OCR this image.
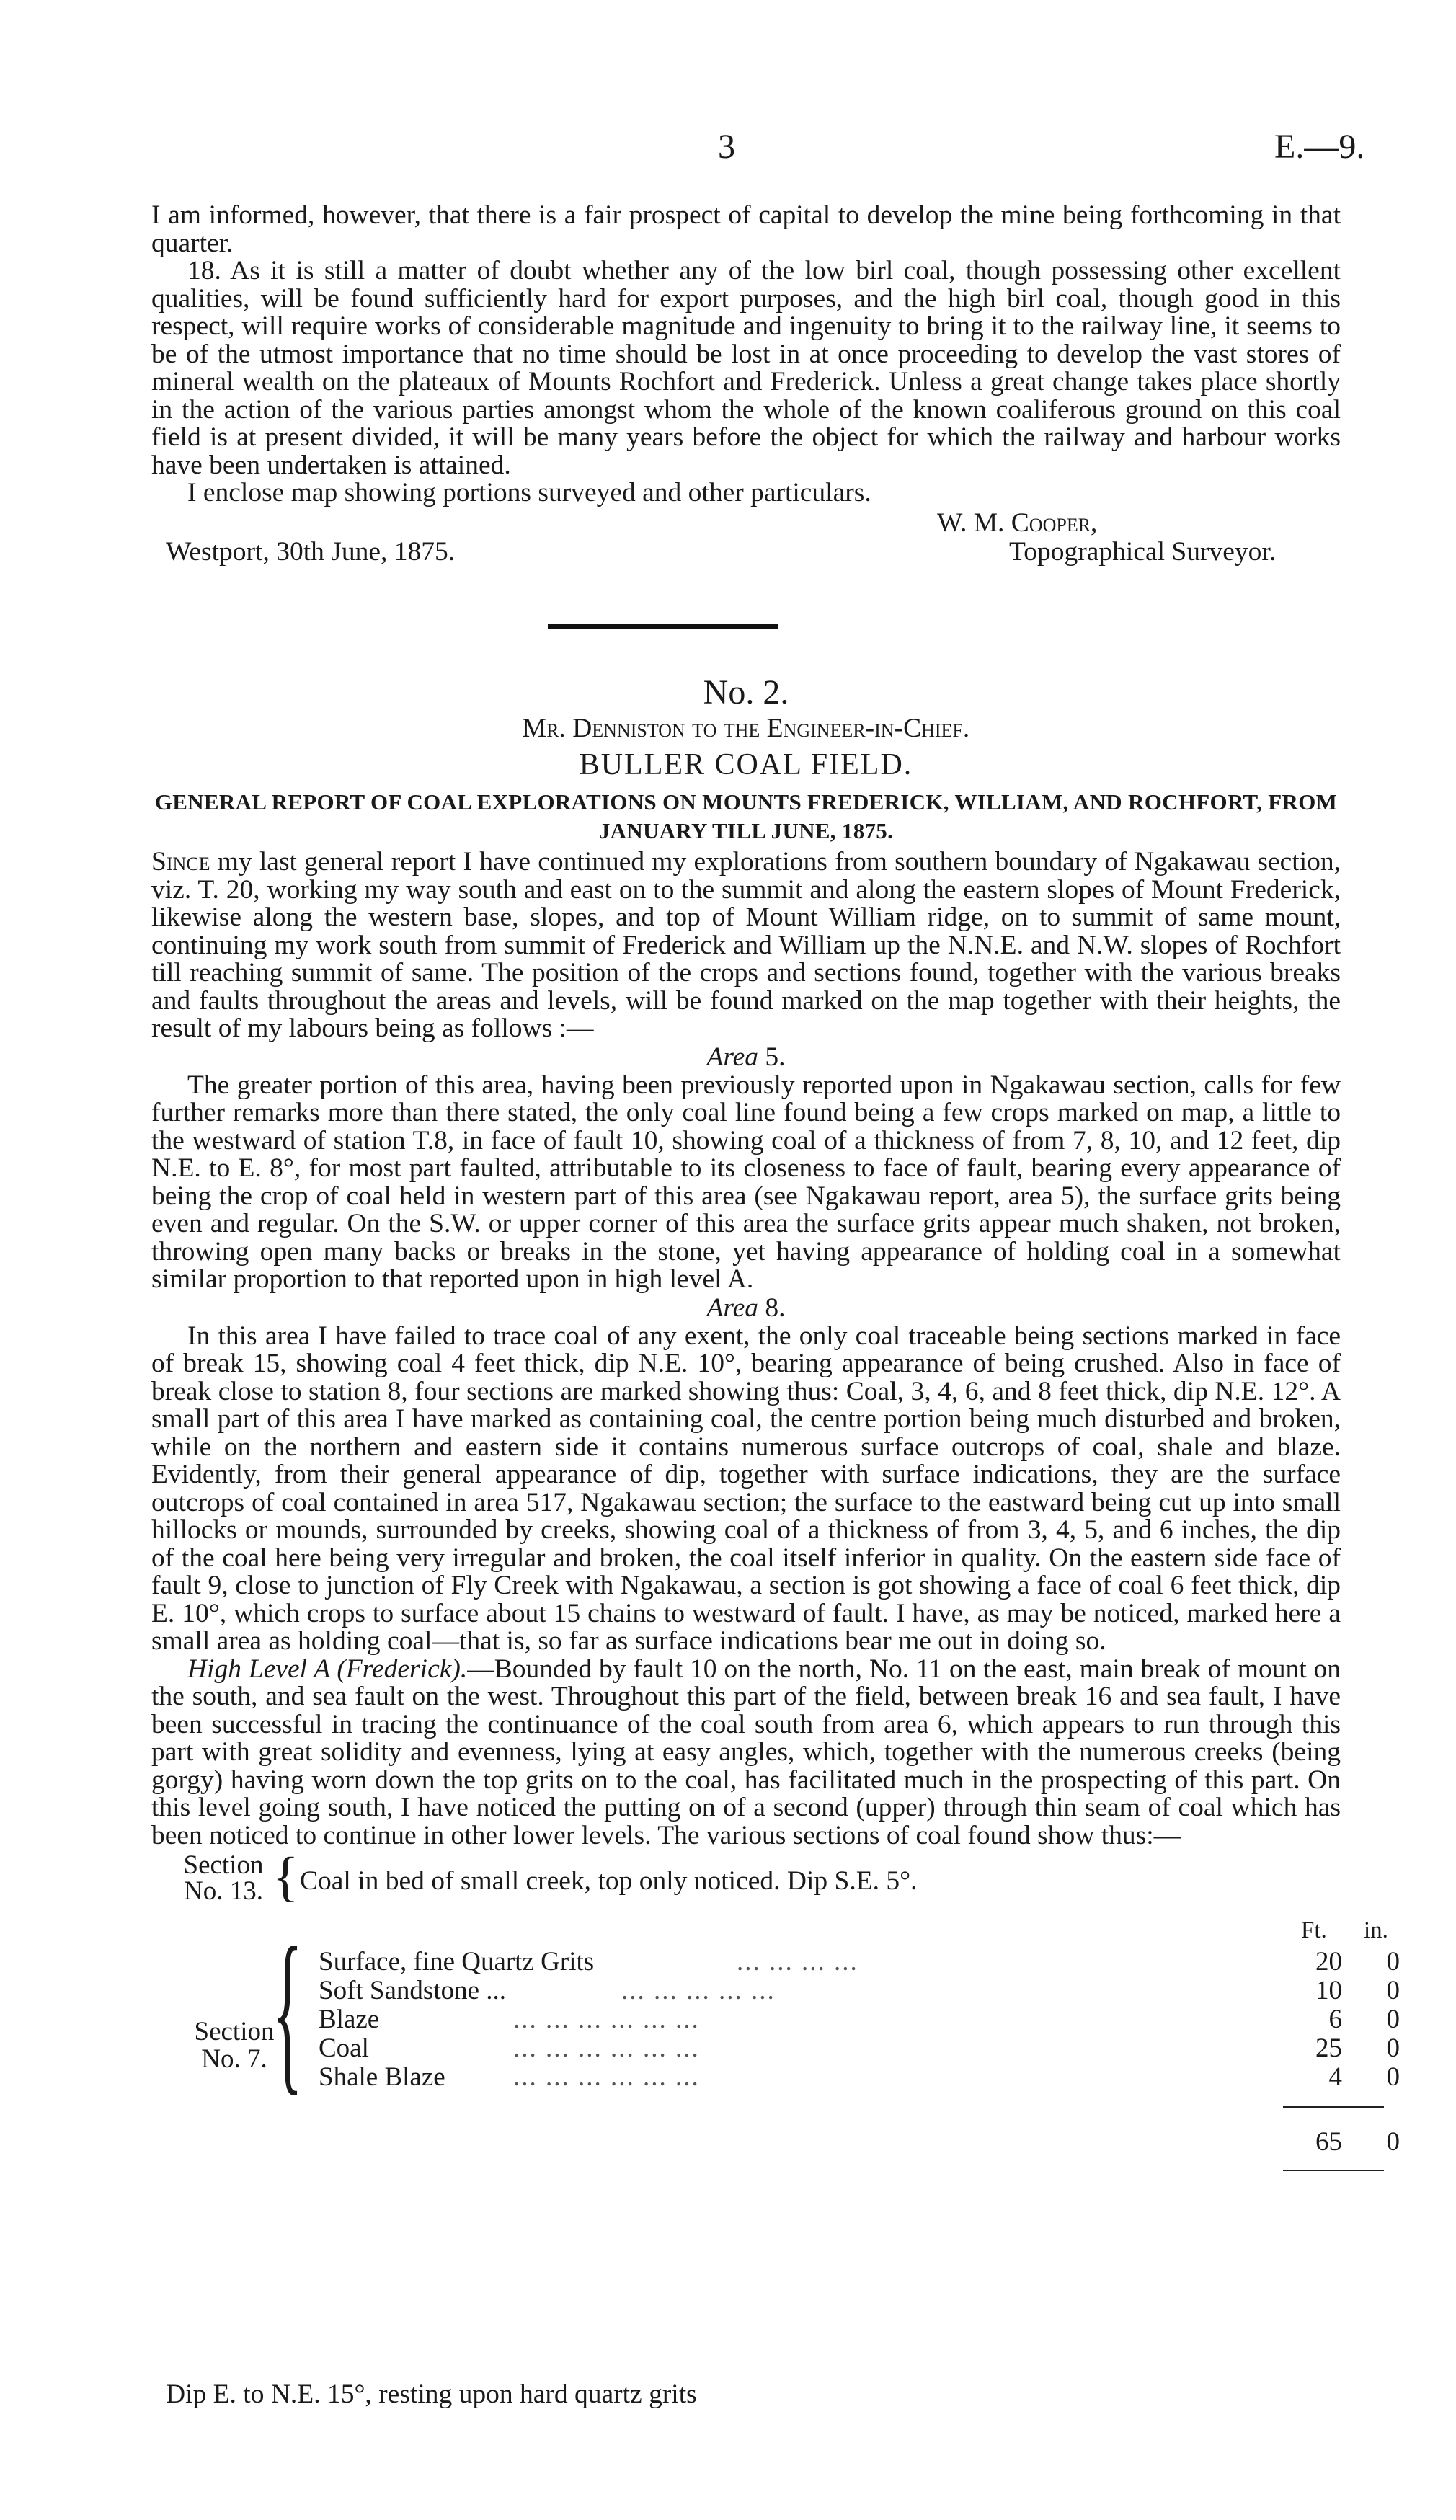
3	E.—9.

I am informed, however, that there is a fair prospect of capital to develop the mine being forthcoming in that quarter.

18. As it is still a matter of doubt whether any of the low birl coal, though possessing other excellent qualities, will be found sufficiently hard for export purposes, and the high birl coal, though good in this respect, will require works of considerable magnitude and ingenuity to bring it to the railway line, it seems to be of the utmost importance that no time should be lost in at once proceeding to develop the vast stores of mineral wealth on the plateaux of Mounts Rochfort and Frederick. Unless a great change takes place shortly in the action of the various parties amongst whom the whole of the known coaliferous ground on this coal field is at present divided, it will be many years before the object for which the railway and harbour works have been undertaken is attained.

I enclose map showing portions surveyed and other particulars.

W. M. Cooper,
Westport, 30th June, 1875.	Topographical Surveyor.
No. 2.
Mr. Denniston to the Engineer-in-Chief.
BULLER COAL FIELD.
GENERAL REPORT OF COAL EXPLORATIONS ON MOUNTS FREDERICK, WILLIAM, AND ROCHFORT, FROM JANUARY TILL JUNE, 1875.

Since my last general report I have continued my explorations from southern boundary of Ngakawau section, viz. T. 20, working my way south and east on to the summit and along the eastern slopes of Mount Frederick, likewise along the western base, slopes, and top of Mount William ridge, on to summit of same mount, continuing my work south from summit of Frederick and William up the N.N.E. and N.W. slopes of Rochfort till reaching summit of same. The position of the crops and sections found, together with the various breaks and faults throughout the areas and levels, will be found marked on the map together with their heights, the result of my labours being as follows :—

Area 5.

The greater portion of this area, having been previously reported upon in Ngakawau section, calls for few further remarks more than there stated, the only coal line found being a few crops marked on map, a little to the westward of station T.8, in face of fault 10, showing coal of a thickness of from 7, 8, 10, and 12 feet, dip N.E. to E. 8°, for most part faulted, attributable to its closeness to face of fault, bearing every appearance of being the crop of coal held in western part of this area (see Ngakawau report, area 5), the surface grits being even and regular. On the S.W. or upper corner of this area the surface grits appear much shaken, not broken, throwing open many backs or breaks in the stone, yet having appearance of holding coal in a somewhat similar proportion to that reported upon in high level A.

Area 8.

In this area I have failed to trace coal of any exent, the only coal traceable being sections marked in face of break 15, showing coal 4 feet thick, dip N.E. 10°, bearing appearance of being crushed. Also in face of break close to station 8, four sections are marked showing thus: Coal, 3, 4, 6, and 8 feet thick, dip N.E. 12°. A small part of this area I have marked as containing coal, the centre portion being much disturbed and broken, while on the northern and eastern side it contains numerous surface outcrops of coal, shale and blaze. Evidently, from their general appearance of dip, together with surface indications, they are the surface outcrops of coal contained in area 517, Ngakawau section; the surface to the eastward being cut up into small hillocks or mounds, surrounded by creeks, showing coal of a thickness of from 3, 4, 5, and 6 inches, the dip of the coal here being very irregular and broken, the coal itself inferior in quality. On the eastern side face of fault 9, close to junction of Fly Creek with Ngakawau, a section is got showing a face of coal 6 feet thick, dip E. 10°, which crops to surface about 15 chains to westward of fault. I have, as may be noticed, marked here a small area as holding coal—that is, so far as surface indications bear me out in doing so.

High Level A (Frederick).—Bounded by fault 10 on the north, No. 11 on the east, main break of mount on the south, and sea fault on the west. Throughout this part of the field, between break 16 and sea fault, I have been successful in tracing the continuance of the coal south from area 6, which appears to run through this part with great solidity and evenness, lying at easy angles, which, together with the numerous creeks (being gorgy) having worn down the top grits on to the coal, has facilitated much in the prospecting of this part. On this level going south, I have noticed the putting on of a second (upper) through thin seam of coal which has been noticed to continue in other lower levels. The various sections of coal found show thus:—

Section
No. 13. { Coal in bed of small creek, top only noticed. Dip S.E. 5°.
Ft. in.
Section
No. 7. { Surface, fine Quartz Grits	... ... ... ...	20	0
Soft Sandstone ...	... ... ... ... ...	10	0
Blaze	... ... ... ... ... ...	6	0
Coal	... ... ... ... ... ...	25	0
Shale Blaze	... ... ... ... ... ...	4	0
65	0
Dip E. to N.E. 15°, resting upon hard quartz grits
